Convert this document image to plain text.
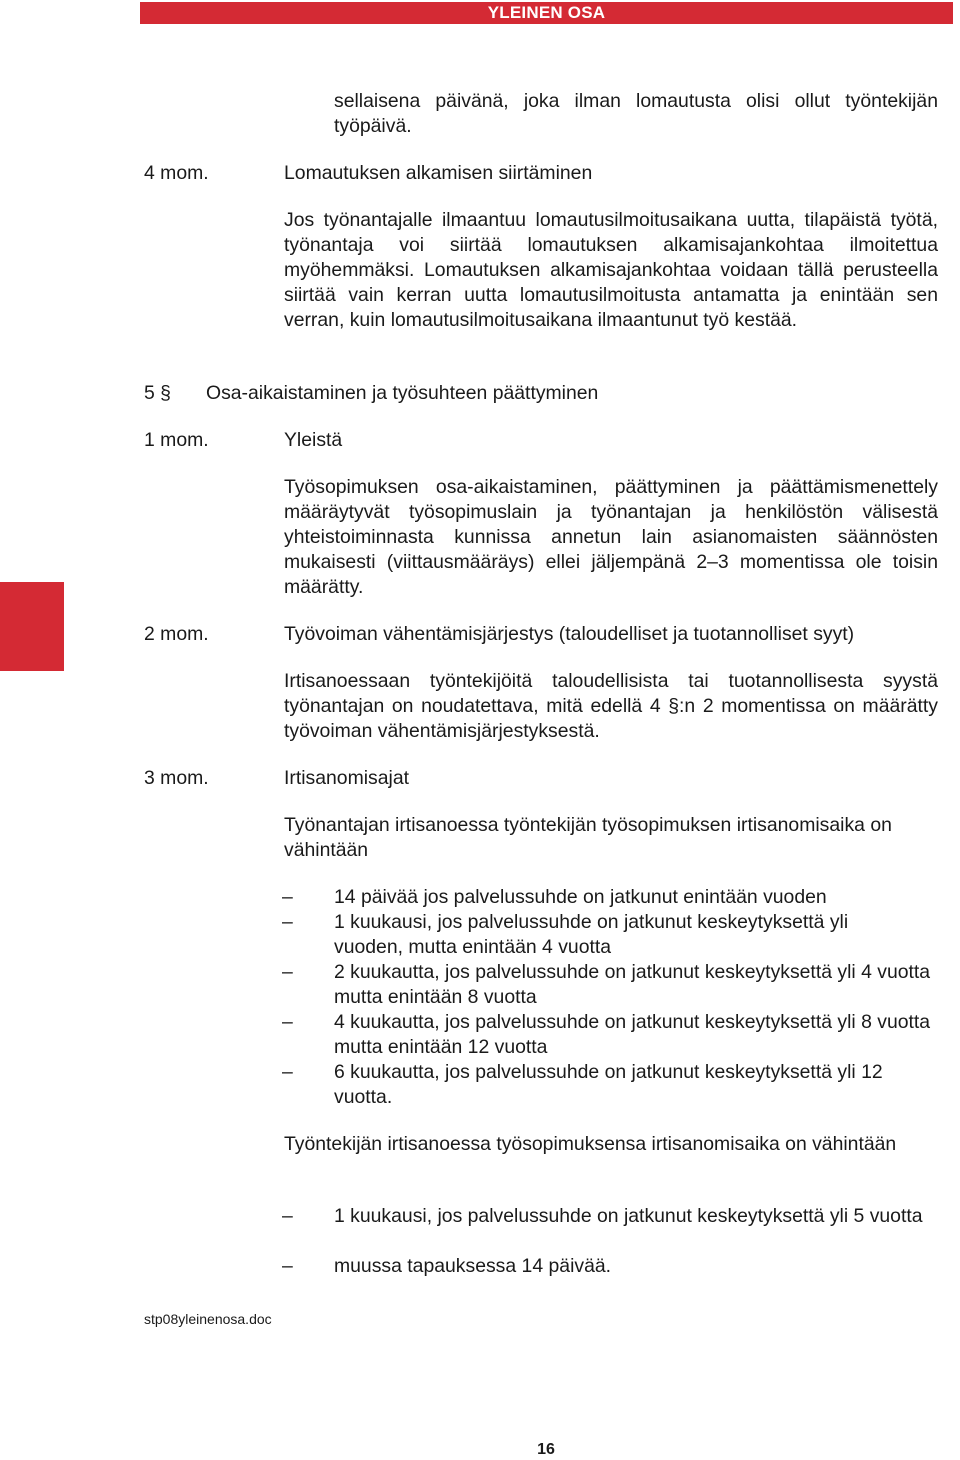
YLEINEN OSA
sellaisena päivänä, joka ilman lomautusta olisi ollut työntekijän työpäivä.
4 mom.	Lomautuksen alkamisen siirtäminen
Jos työnantajalle ilmaantuu lomautusilmoitusaikana uutta, tilapäistä työtä, työnantaja voi siirtää lomautuksen alkamisajankohtaa ilmoitettua myöhemmäksi. Lomautuksen alkamisajankohtaa voidaan tällä perusteella siirtää vain kerran uutta lomautusilmoitusta antamatta ja enintään sen verran, kuin lomautusilmoitusaikana ilmaantunut työ kestää.
5 § Osa-aikaistaminen ja työsuhteen päättyminen
1 mom.	Yleistä
Työsopimuksen osa-aikaistaminen, päättyminen ja päättämismenettely määräytyvät työsopimuslain ja työnantajan ja henkilöstön välisestä yhteistoiminnasta kunnissa annetun lain asianomaisten säännösten mukaisesti (viittausmääräys) ellei jäljempänä 2–3 momentissa ole toisin määrätty.
2 mom.	Työvoiman vähentämisjärjestys (taloudelliset ja tuotannolliset syyt)
Irtisanoessaan työntekijöitä taloudellisista tai tuotannollisesta syystä työnantajan on noudatettava, mitä edellä 4 §:n 2 momentissa on määrätty työvoiman vähentämisjärjestyksestä.
3 mom.	Irtisanomisajat
Työnantajan irtisanoessa työntekijän työsopimuksen irtisanomisaika on vähintään
– 14 päivää jos palvelussuhde on jatkunut enintään vuoden
– 1 kuukausi, jos palvelussuhde on jatkunut keskeytyksettä yli vuoden, mutta enintään 4 vuotta
– 2 kuukautta, jos palvelussuhde on jatkunut keskeytyksettä yli 4 vuotta mutta enintään 8 vuotta
– 4 kuukautta, jos palvelussuhde on jatkunut keskeytyksettä yli 8 vuotta mutta enintään 12 vuotta
– 6 kuukautta, jos palvelussuhde on jatkunut keskeytyksettä yli 12 vuotta.
Työntekijän irtisanoessa työsopimuksensa irtisanomisaika on vähintään
– 1 kuukausi, jos palvelussuhde on jatkunut keskeytyksettä yli 5 vuotta
– muussa tapauksessa 14 päivää.
stp08yleinenosa.doc
16
